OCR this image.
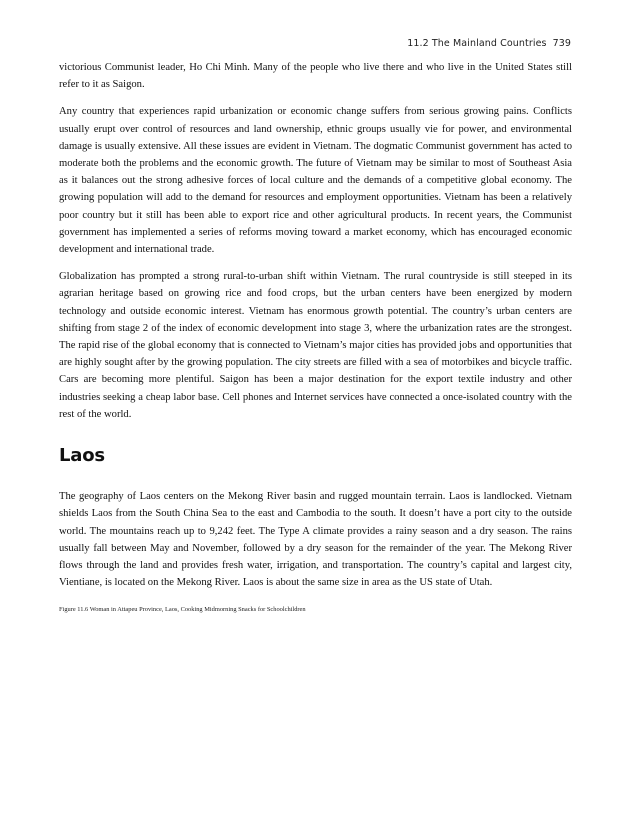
11.2 The Mainland Countries 739

victorious Communist leader, Ho Chi Minh. Many of the people who live there and who live in the United States still refer to it as Saigon.

Any country that experiences rapid urbanization or economic change suffers from serious growing pains. Conflicts usually erupt over control of resources and land ownership, ethnic groups usually vie for power, and environmental damage is usually extensive. All these issues are evident in Vietnam. The dogmatic Communist government has acted to moderate both the problems and the economic growth. The future of Vietnam may be similar to most of Southeast Asia as it balances out the strong adhesive forces of local culture and the demands of a competitive global economy. The growing population will add to the demand for resources and employment opportunities. Vietnam has been a relatively poor country but it still has been able to export rice and other agricultural products. In recent years, the Communist government has implemented a series of reforms moving toward a market economy, which has encouraged economic development and international trade.

Globalization has prompted a strong rural-to-urban shift within Vietnam. The rural countryside is still steeped in its agrarian heritage based on growing rice and food crops, but the urban centers have been energized by modern technology and outside economic interest. Vietnam has enormous growth potential. The country’s urban centers are shifting from stage 2 of the index of economic development into stage 3, where the urbanization rates are the strongest. The rapid rise of the global economy that is connected to Vietnam’s major cities has provided jobs and opportunities that are highly sought after by the growing population. The city streets are filled with a sea of motorbikes and bicycle traffic. Cars are becoming more plentiful. Saigon has been a major destination for the export textile industry and other industries seeking a cheap labor base. Cell phones and Internet services have connected a once-isolated country with the rest of the world.

Laos

The geography of Laos centers on the Mekong River basin and rugged mountain terrain. Laos is landlocked. Vietnam shields Laos from the South China Sea to the east and Cambodia to the south. It doesn’t have a port city to the outside world. The mountains reach up to 9,242 feet. The Type A climate provides a rainy season and a dry season. The rains usually fall between May and November, followed by a dry season for the remainder of the year. The Mekong River flows through the land and provides fresh water, irrigation, and transportation. The country’s capital and largest city, Vientiane, is located on the Mekong River. Laos is about the same size in area as the US state of Utah.

Figure 11.6 Woman in Attapeu Province, Laos, Cooking Midmorning Snacks for Schoolchildren
